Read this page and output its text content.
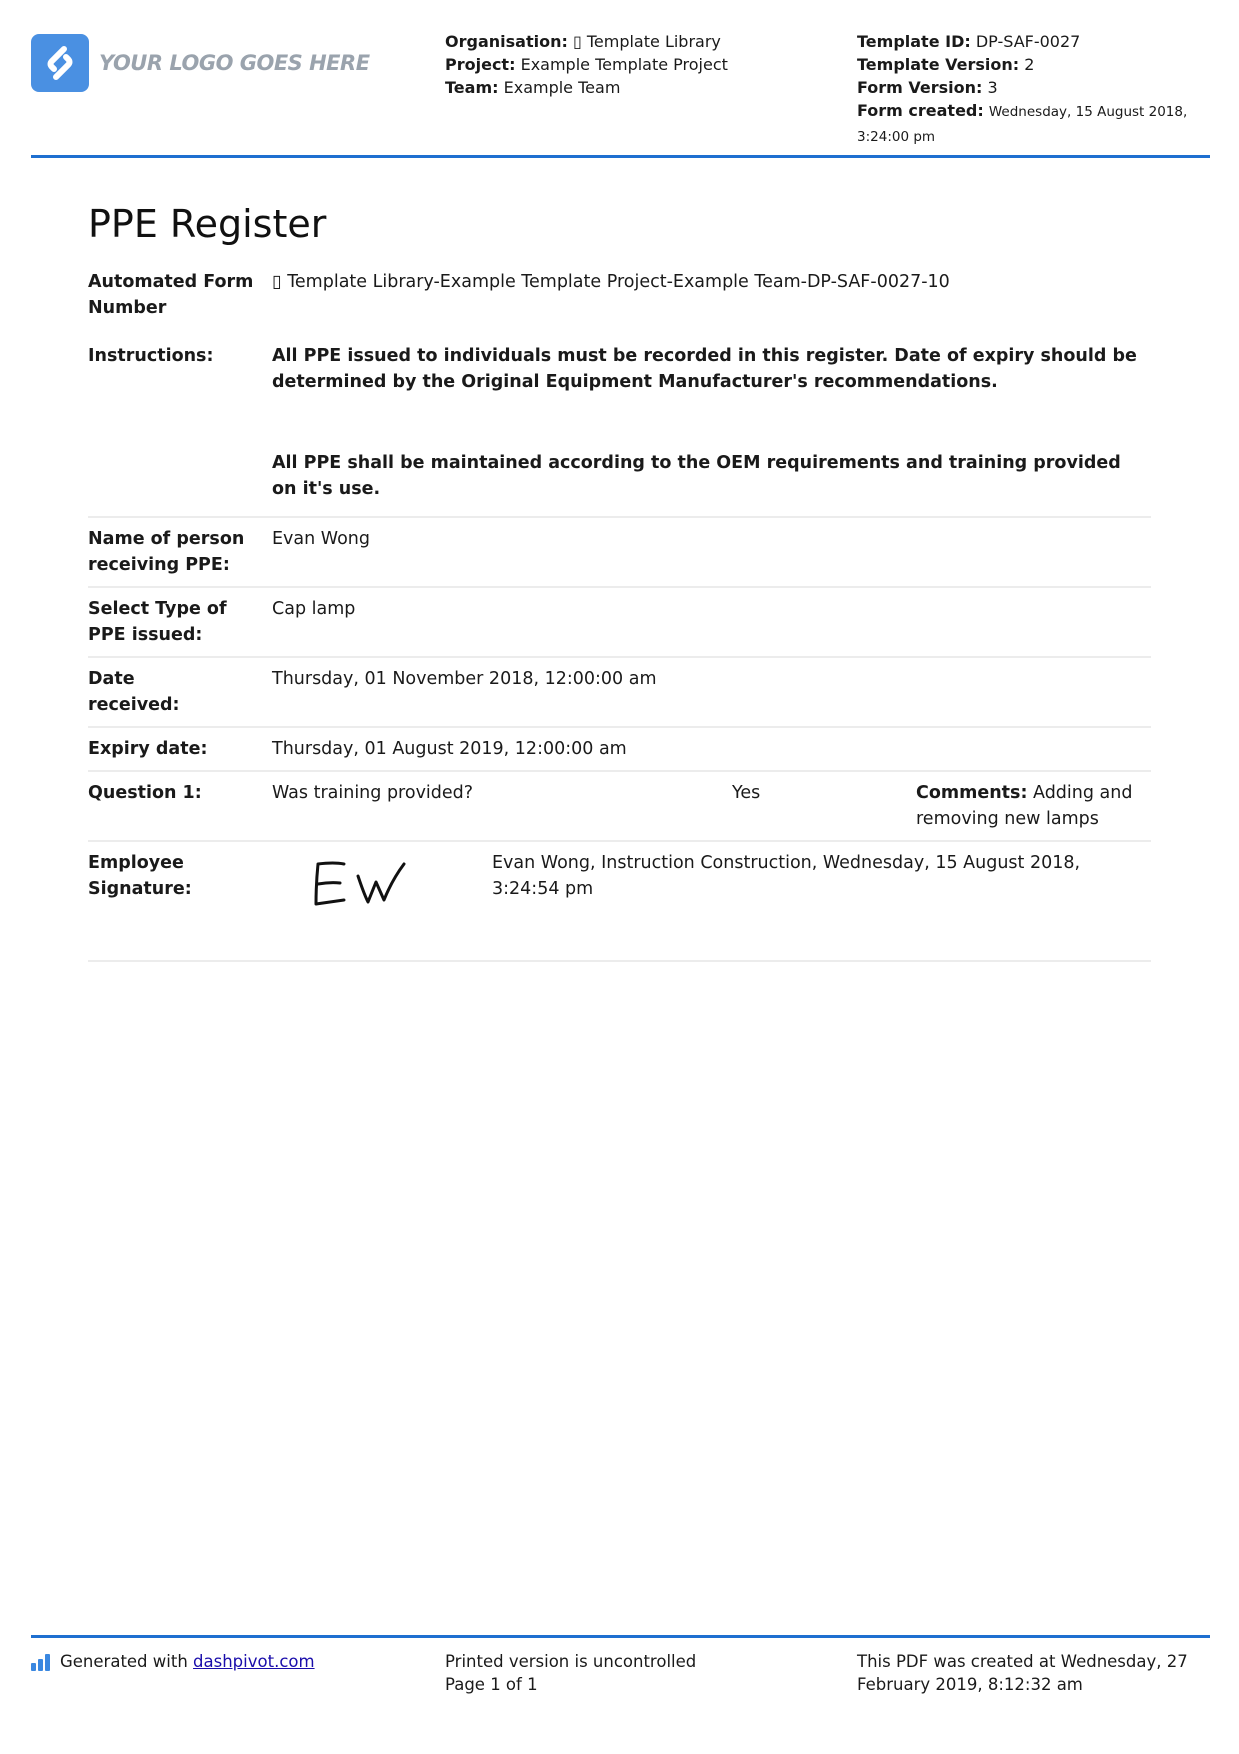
YOUR LOGO GOES HERE
Organisation: ▯ Template Library
Project: Example Template Project
Team: Example Team
Template ID: DP-SAF-0027
Template Version: 2
Form Version: 3
Form created: Wednesday, 15 August 2018, 3:24:00 pm
PPE Register
Automated Form Number
▯ Template Library-Example Template Project-Example Team-DP-SAF-0027-10
Instructions:	All PPE issued to individuals must be recorded in this register. Date of expiry should be determined by the Original Equipment Manufacturer's recommendations.

All PPE shall be maintained according to the OEM requirements and training provided on it's use.

Name of person receiving PPE:
Evan Wong
Select Type of PPE issued:
Cap lamp
Date received:
Thursday, 01 November 2018, 12:00:00 am
Expiry date:	Thursday, 01 August 2019, 12:00:00 am
Question 1:	Was training provided?	Yes	Comments: Adding and removing new lamps
Employee Signature:
Evan Wong, Instruction Construction, Wednesday, 15 August 2018, 3:24:54 pm
Generated with
dashpivot.com	Printed version is uncontrolled
Page 1 of 1
This PDF was created at Wednesday, 27 February 2019, 8:12:32 am
